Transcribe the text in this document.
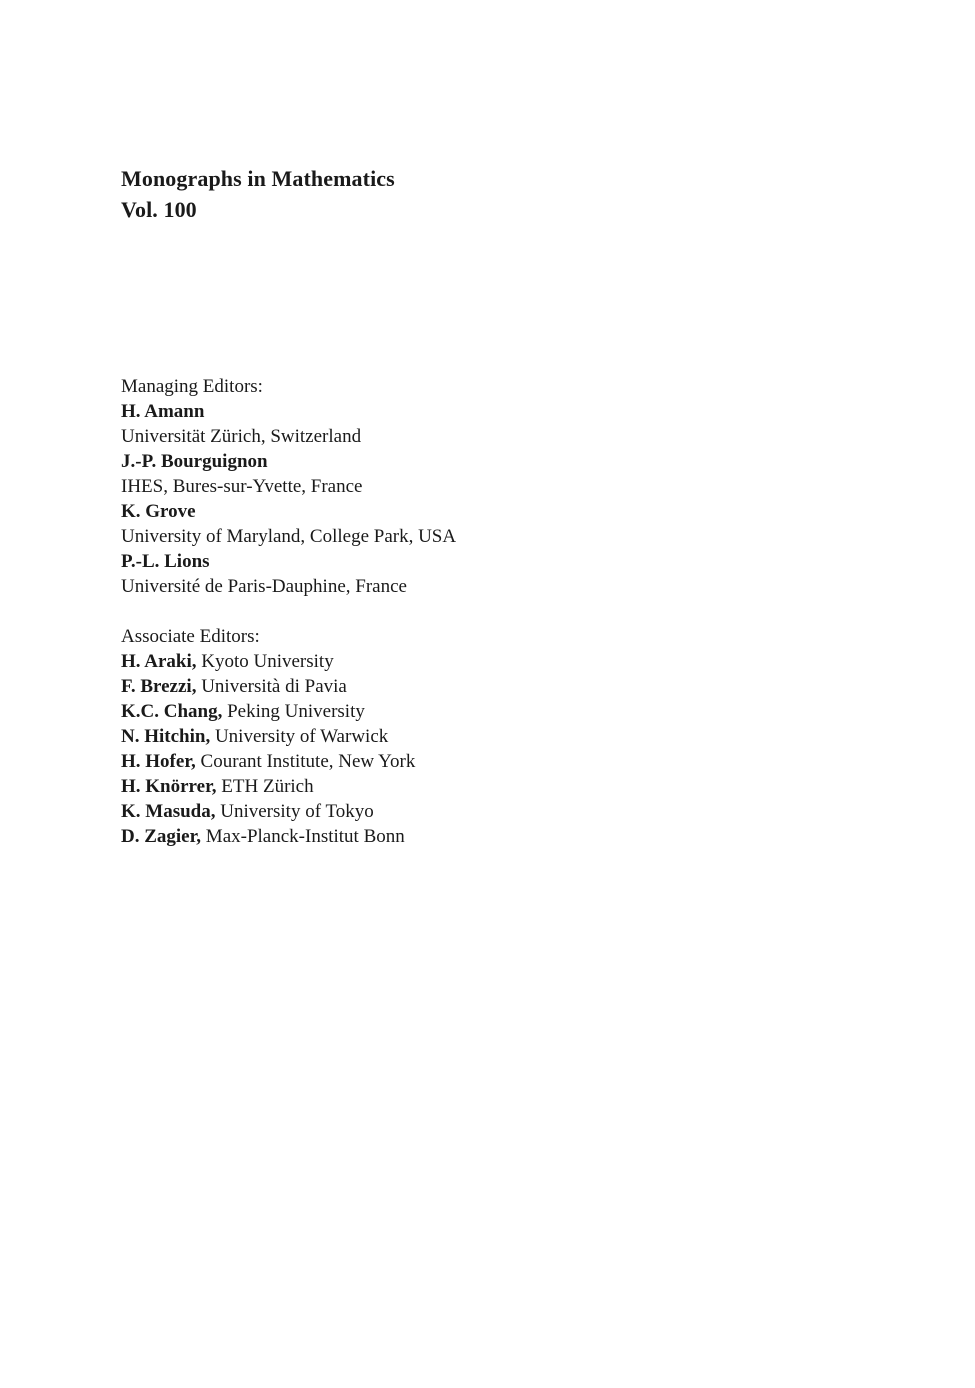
Monographs in Mathematics
Vol. 100
Managing Editors:
H. Amann
Universität Zürich, Switzerland
J.-P. Bourguignon
IHES, Bures-sur-Yvette, France
K. Grove
University of Maryland, College Park, USA
P.-L. Lions
Université de Paris-Dauphine, France
Associate Editors:
H. Araki, Kyoto University
F. Brezzi, Università di Pavia
K.C. Chang, Peking University
N. Hitchin, University of Warwick
H. Hofer, Courant Institute, New York
H. Knörrer, ETH Zürich
K. Masuda, University of Tokyo
D. Zagier, Max-Planck-Institut Bonn
